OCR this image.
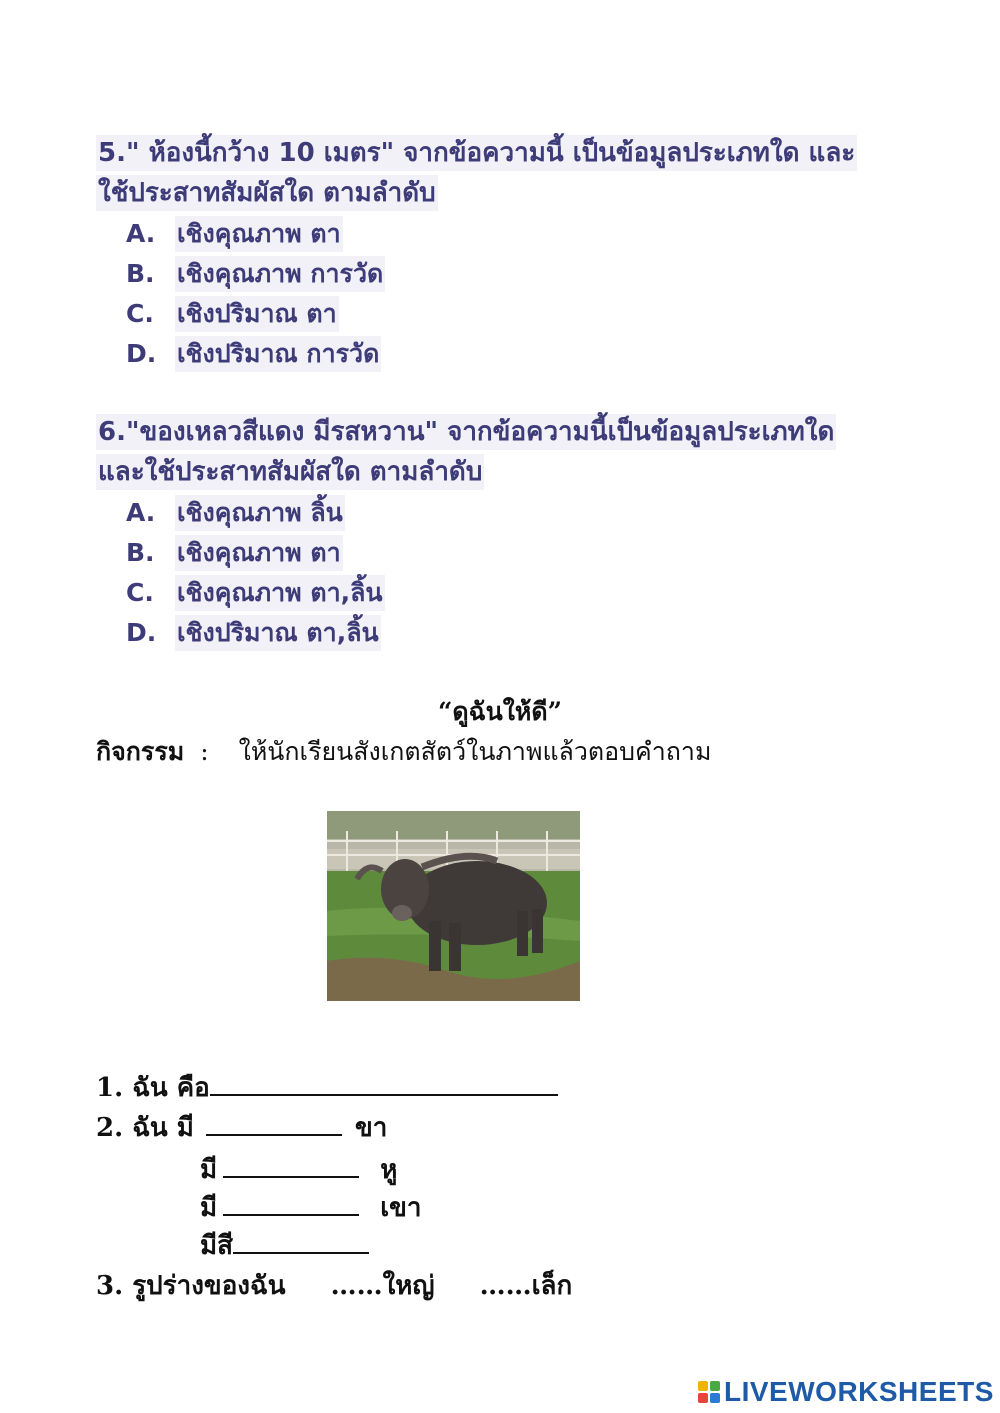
5." ห้องนี้กว้าง 10 เมตร" จากข้อความนี้ เป็นข้อมูลประเภทใด และ
ใช้ประสาทสัมผัสใด ตามลำดับ
A. เชิงคุณภาพ ตา
B. เชิงคุณภาพ การวัด
C. เชิงปริมาณ ตา
D. เชิงปริมาณ การวัด
6."ของเหลวสีแดง มีรสหวาน" จากข้อความนี้เป็นข้อมูลประเภทใด
และใช้ประสาทสัมผัสใด ตามลำดับ
A. เชิงคุณภาพ ลิ้น
B. เชิงคุณภาพ ตา
C. เชิงคุณภาพ ตา,ลิ้น
D. เชิงปริมาณ ตา,ลิ้น
“ดูฉันให้ดี”
กิจกรรม : ให้นักเรียนสังเกตสัตว์ในภาพแล้วตอบคำถาม
1. ฉัน คือ
2. ฉัน มี	ขา
มี	หู
มี	เขา
มีสี
3. รูปร่างของฉัน ……ใหญ่ ……เล็ก
LIVEWORKSHEETS
